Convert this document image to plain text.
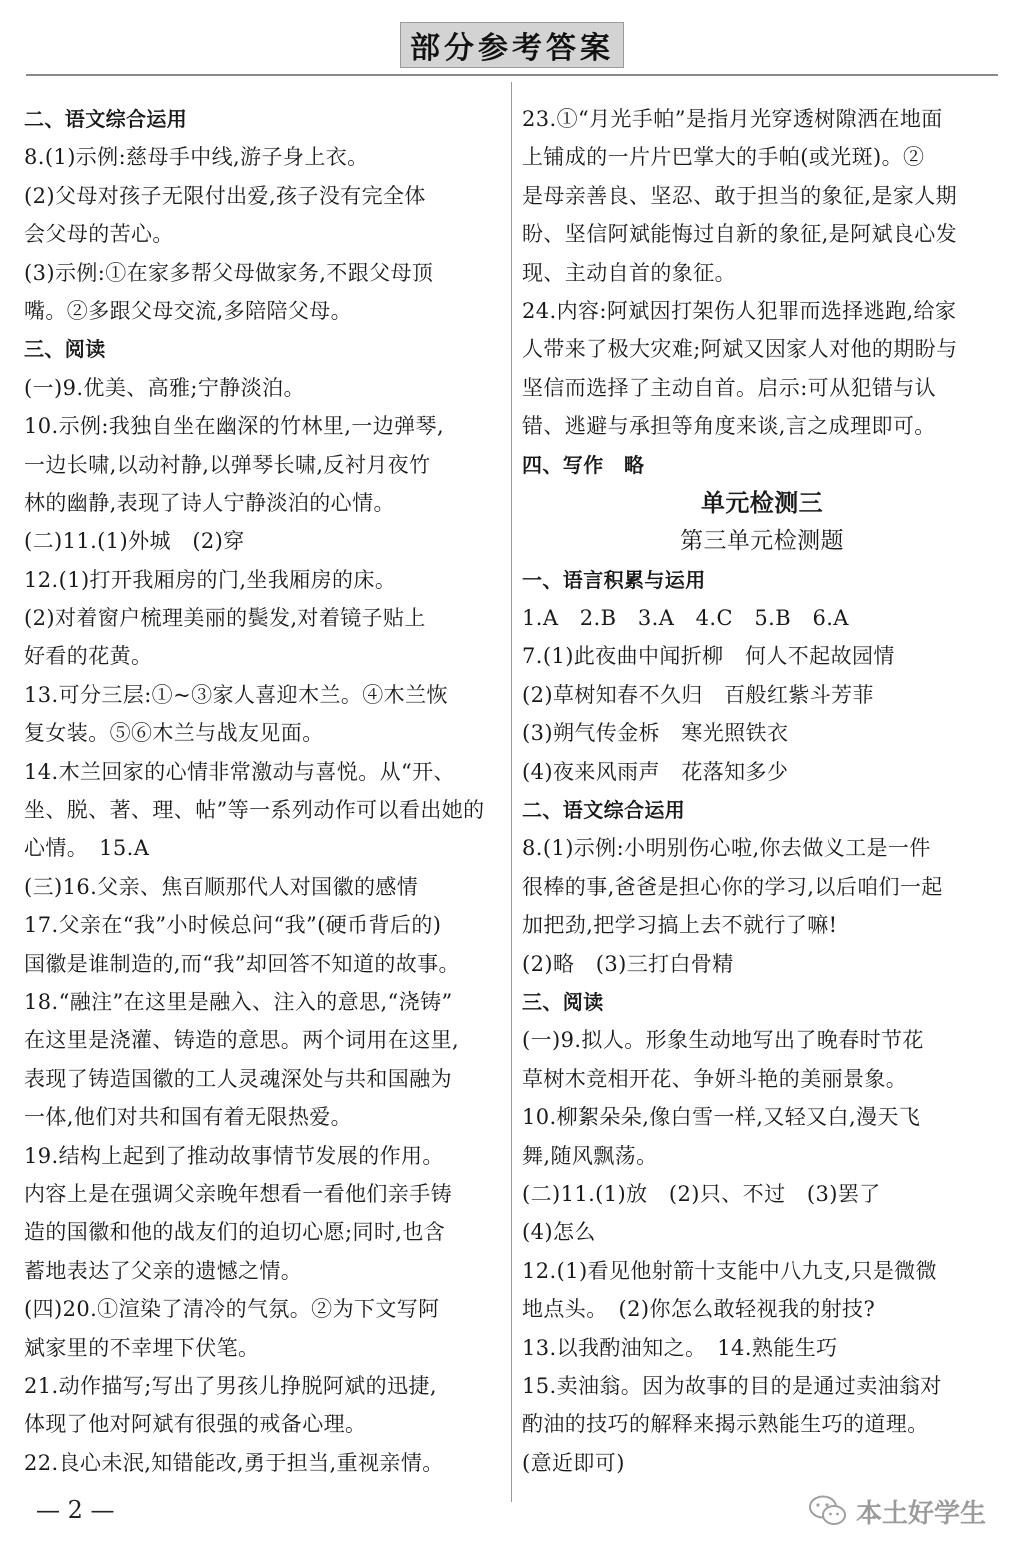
部分参考答案
二、语文综合运用
8.(1)示例:慈母手中线,游子身上衣。
(2)父母对孩子无限付出爱,孩子没有完全体
会父母的苦心。
(3)示例:①在家多帮父母做家务,不跟父母顶
嘴。②多跟父母交流,多陪陪父母。
三、阅读
(一)9.优美、高雅;宁静淡泊。
10.示例:我独自坐在幽深的竹林里,一边弹琴,
一边长啸,以动衬静,以弹琴长啸,反衬月夜竹
林的幽静,表现了诗人宁静淡泊的心情。
(二)11.(1)外城　(2)穿
12.(1)打开我厢房的门,坐我厢房的床。
(2)对着窗户梳理美丽的鬓发,对着镜子贴上
好看的花黄。
13.可分三层:①~③家人喜迎木兰。④木兰恢
复女装。⑤⑥木兰与战友见面。
14.木兰回家的心情非常激动与喜悦。从“开、
坐、脱、著、理、帖”等一系列动作可以看出她的
心情。　15.A
(三)16.父亲、焦百顺那代人对国徽的感情
17.父亲在“我”小时候总问“我”(硬币背后的)
国徽是谁制造的,而“我”却回答不知道的故事。
18.“融注”在这里是融入、注入的意思,“浇铸”
在这里是浇灌、铸造的意思。两个词用在这里,
表现了铸造国徽的工人灵魂深处与共和国融为
一体,他们对共和国有着无限热爱。
19.结构上起到了推动故事情节发展的作用。
内容上是在强调父亲晚年想看一看他们亲手铸
造的国徽和他的战友们的迫切心愿;同时,也含
蓄地表达了父亲的遗憾之情。
(四)20.①渲染了清冷的气氛。②为下文写阿
斌家里的不幸埋下伏笔。
21.动作描写;写出了男孩儿挣脱阿斌的迅捷,
体现了他对阿斌有很强的戒备心理。
22.良心未泯,知错能改,勇于担当,重视亲情。
23.①“月光手帕”是指月光穿透树隙洒在地面
上铺成的一片片巴掌大的手帕(或光斑)。②
是母亲善良、坚忍、敢于担当的象征,是家人期
盼、坚信阿斌能悔过自新的象征,是阿斌良心发
现、主动自首的象征。
24.内容:阿斌因打架伤人犯罪而选择逃跑,给家
人带来了极大灾难;阿斌又因家人对他的期盼与
坚信而选择了主动自首。启示:可从犯错与认
错、逃避与承担等角度来谈,言之成理即可。
四、写作　略
单元检测三
第三单元检测题
一、语言积累与运用
1.A　2.B　3.A　4.C　5.B　6.A
7.(1)此夜曲中闻折柳　何人不起故园情
(2)草树知春不久归　百般红紫斗芳菲
(3)朔气传金柝　寒光照铁衣
(4)夜来风雨声　花落知多少
二、语文综合运用
8.(1)示例:小明别伤心啦,你去做义工是一件
很棒的事,爸爸是担心你的学习,以后咱们一起
加把劲,把学习搞上去不就行了嘛!
(2)略　(3)三打白骨精
三、阅读
(一)9.拟人。形象生动地写出了晚春时节花
草树木竞相开花、争妍斗艳的美丽景象。
10.柳絮朵朵,像白雪一样,又轻又白,漫天飞
舞,随风飘荡。
(二)11.(1)放　(2)只、不过　(3)罢了
(4)怎么
12.(1)看见他射箭十支能中八九支,只是微微
地点头。　(2)你怎么敢轻视我的射技?
13.以我酌油知之。　14.熟能生巧
15.卖油翁。因为故事的目的是通过卖油翁对
酌油的技巧的解释来揭示熟能生巧的道理。
(意近即可)
— 2 —	本土好学生
